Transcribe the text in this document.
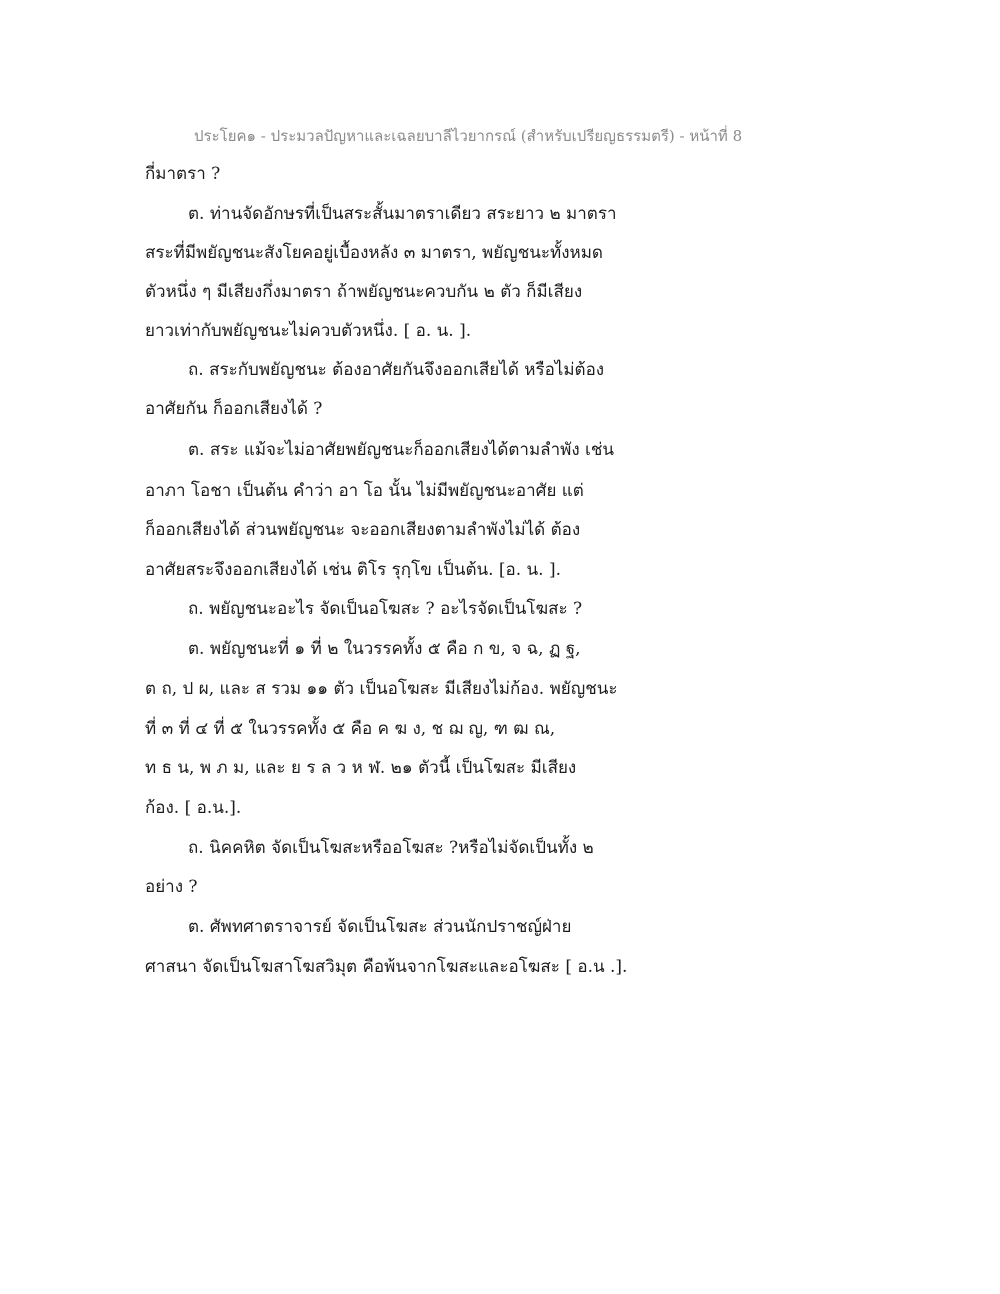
ประโยค๑ - ประมวลปัญหาและเฉลยบาลีไวยากรณ์ (สำหรับเปรียญธรรมตรี) - หน้าที่ 8
กี่มาตรา ?
ต. ท่านจัดอักษรที่เป็นสระสั้นมาตราเดียว สระยาว ๒ มาตรา
สระที่มีพยัญชนะสังโยคอยู่เบื้องหลัง ๓ มาตรา, พยัญชนะทั้งหมด
ตัวหนึ่ง ๆ มีเสียงกึ่งมาตรา ถ้าพยัญชนะควบกัน ๒ ตัว ก็มีเสียง
ยาวเท่ากับพยัญชนะไม่ควบตัวหนึ่ง. [ อ. น. ].
ถ. สระกับพยัญชนะ ต้องอาศัยกันจึงออกเสียได้ หรือไม่ต้อง
อาศัยกัน ก็ออกเสียงได้ ?
ต. สระ แม้จะไม่อาศัยพยัญชนะก็ออกเสียงได้ตามลำพัง เช่น
อาภา โอชา เป็นต้น คำว่า อา โอ นั้น ไม่มีพยัญชนะอาศัย แต่
ก็ออกเสียงได้ ส่วนพยัญชนะ จะออกเสียงตามลำพังไม่ได้ ต้อง
อาศัยสระจึงออกเสียงได้ เช่น ติโร รุกฺโข เป็นต้น. [อ. น. ].
ถ. พยัญชนะอะไร จัดเป็นอโฆสะ ? อะไรจัดเป็นโฆสะ ?
ต. พยัญชนะที่ ๑ ที่ ๒ ในวรรคทั้ง ๕ คือ ก ข, จ ฉ, ฏ ฐ,
ต ถ, ป ผ, และ ส รวม ๑๑ ตัว เป็นอโฆสะ มีเสียงไม่ก้อง. พยัญชนะ
ที่ ๓ ที่ ๔ ที่ ๕ ในวรรคทั้ง ๕ คือ ค ฆ ง, ช ฌ ญ, ฑ ฒ ณ,
ท ธ น, พ ภ ม, และ ย ร ล ว ห ฬ. ๒๑ ตัวนี้ เป็นโฆสะ มีเสียง
ก้อง. [ อ.น.].
ถ. นิคคหิต จัดเป็นโฆสะหรืออโฆสะ ?หรือไม่จัดเป็นทั้ง ๒
อย่าง ?
ต. ศัพทศาตราจารย์ จัดเป็นโฆสะ ส่วนนักปราชญ์ฝ่าย
ศาสนา จัดเป็นโฆสาโฆสวิมุต คือพ้นจากโฆสะและอโฆสะ [ อ.น .].
